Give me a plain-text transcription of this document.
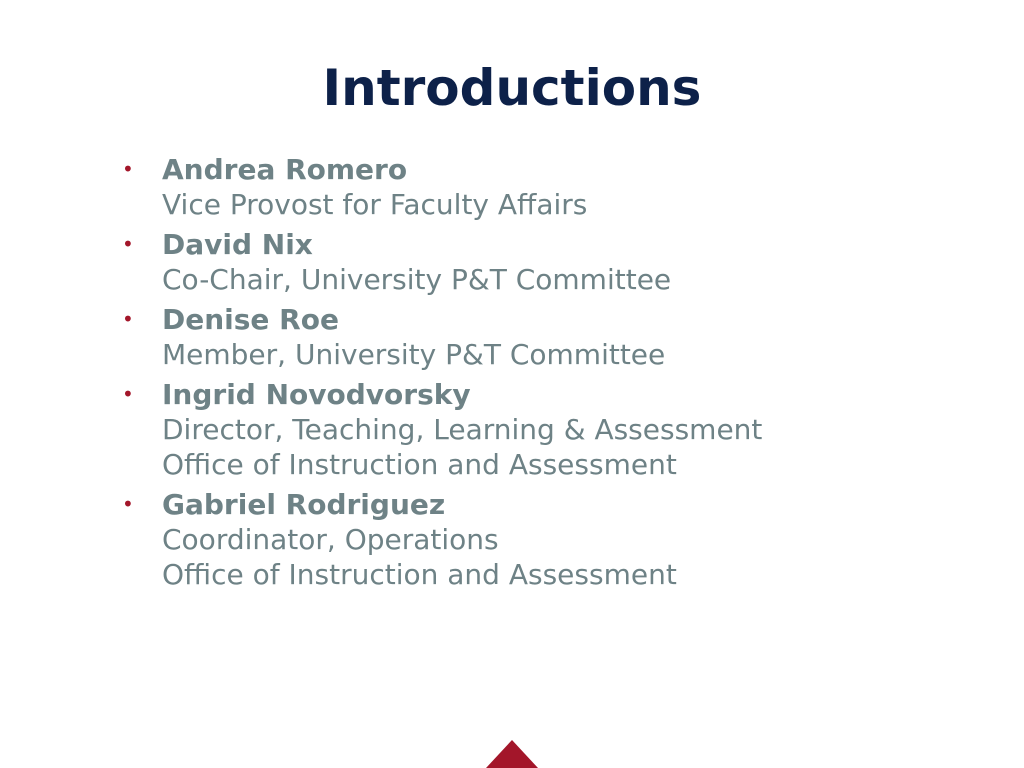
Introductions
• Andrea Romero
Vice Provost for Faculty Affairs
• David Nix
Co-Chair, University P&T Committee
• Denise Roe
Member, University P&T Committee
• Ingrid Novodvorsky
Director, Teaching, Learning & Assessment
Office of Instruction and Assessment
• Gabriel Rodriguez
Coordinator, Operations
Office of Instruction and Assessment
